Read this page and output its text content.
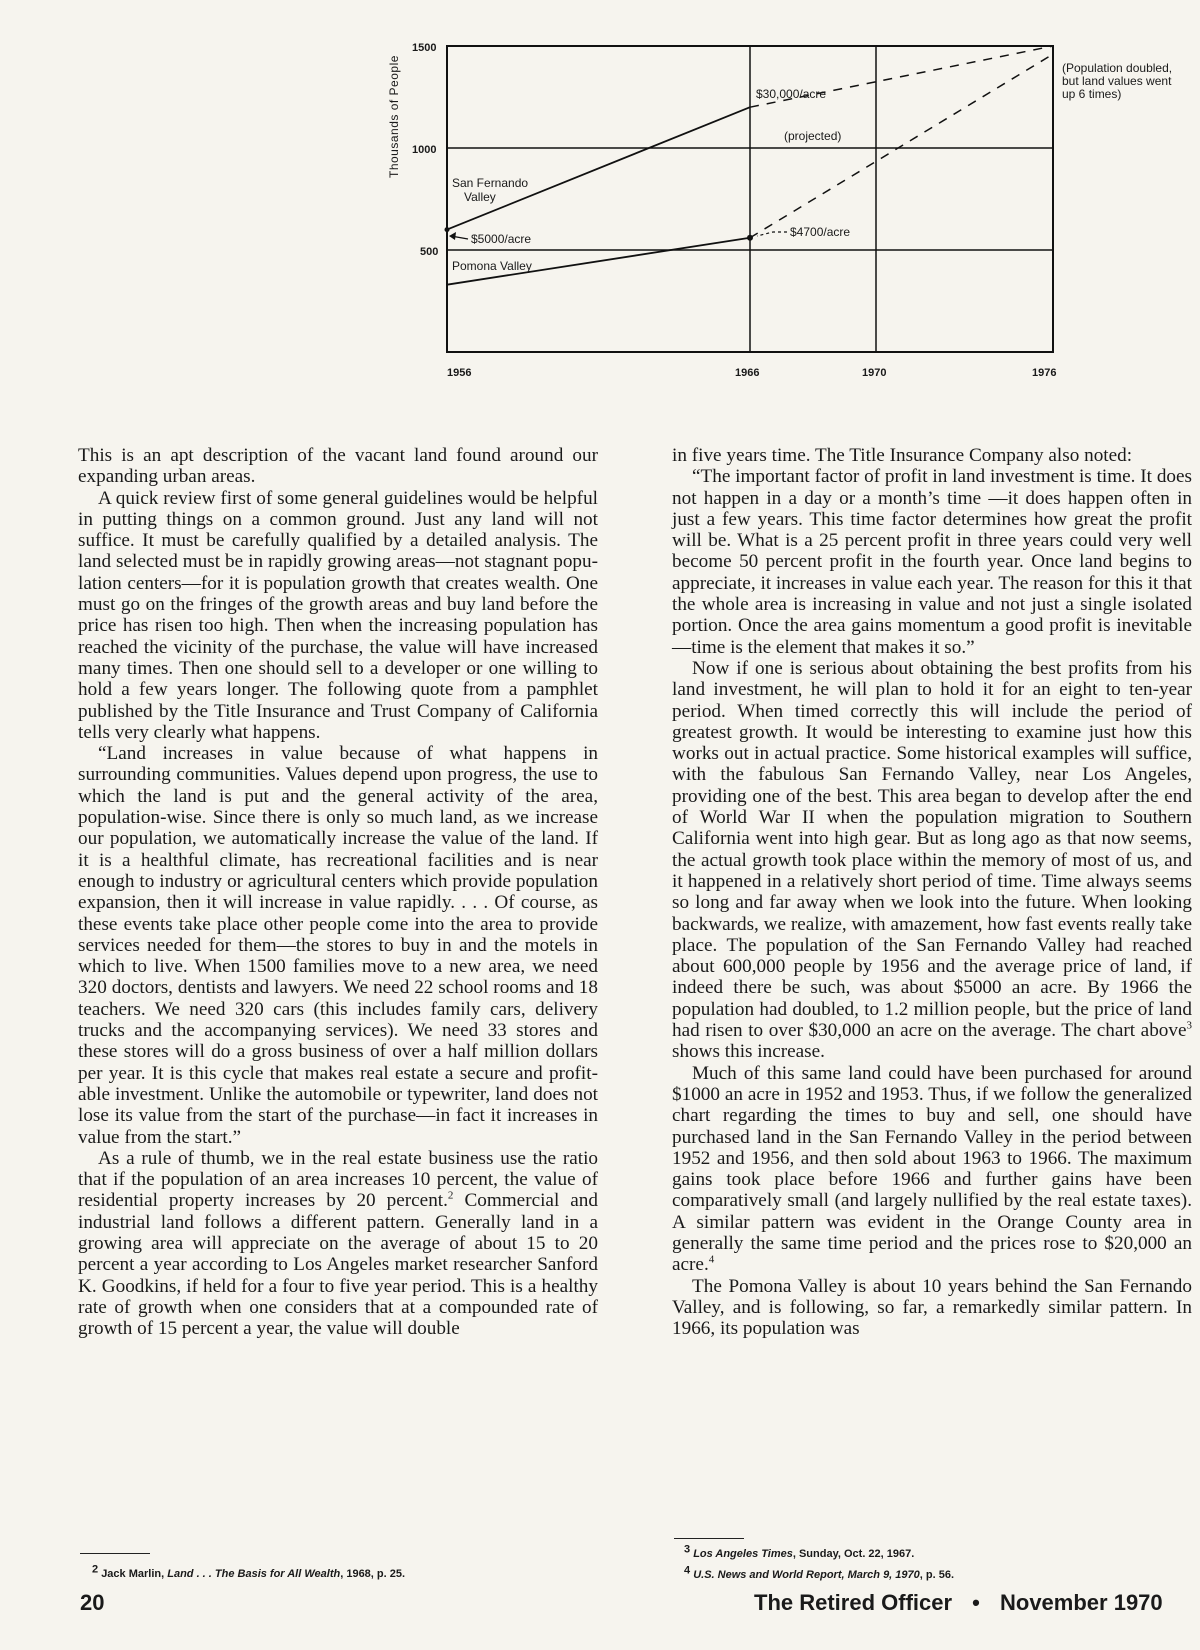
Thousands of People
1500
1000
500
1956	1966	1970	1976
San Fernando
Valley
Pomona Valley
$30,000/acre
(projected)
$5000/acre	$4700/acre
(Population doubled,
but land values went
up 6 times)

This is an apt description of the vacant land found around our expanding urban areas.

A quick review first of some general guidelines would be helpful in putting things on a common ground. Just any land will not suffice. It must be carefully qualified by a detailed analysis. The land selected must be in rapidly growing areas—not stagnant population centers—for it is population growth that creates wealth. One must go on the fringes of the growth areas and buy land before the price has risen too high. Then when the increasing population has reached the vicinity of the purchase, the value will have increased many times. Then one should sell to a developer or one willing to hold a few years longer. The following quote from a pamphlet published by the Title Insurance and Trust Company of California tells very clearly what happens.

“Land increases in value because of what happens in surrounding communities. Values depend upon progress, the use to which the land is put and the general activity of the area, population-wise. Since there is only so much land, as we increase our population, we automatically increase the value of the land. If it is a healthful climate, has recreational facilities and is near enough to industry or agricultural centers which provide population expansion, then it will increase in value rapidly. . . . Of course, as these events take place other people come into the area to provide services needed for them—the stores to buy in and the motels in which to live. When 1500 families move to a new area, we need 320 doctors, dentists and lawyers. We need 22 school rooms and 18 teachers. We need 320 cars (this includes family cars, delivery trucks and the accompanying services). We need 33 stores and these stores will do a gross business of over a half million dollars per year. It is this cycle that makes real estate a secure and profitable investment. Unlike the automobile or typewriter, land does not lose its value from the start of the purchase—in fact it increases in value from the start.”

As a rule of thumb, we in the real estate business use the ratio that if the population of an area increases 10 percent, the value of residential property increases by 20 percent.$^2$ Commercial and industrial land follows a different pattern. Generally land in a growing area will appreciate on the average of about 15 to 20 percent a year according to Los Angeles market researcher Sanford K. Goodkins, if held for a four to five year period. This is a healthy rate of growth when one considers that at a compounded rate of growth of 15 percent a year, the value will double

in five years time. The Title Insurance Company also noted:

“The important factor of profit in land investment is time. It does not happen in a day or a month’s time —it does happen often in just a few years. This time factor determines how great the profit will be. What is a 25 percent profit in three years could very well become 50 percent profit in the fourth year. Once land begins to appreciate, it increases in value each year. The reason for this it that the whole area is increasing in value and not just a single isolated portion. Once the area gains momentum a good profit is inevitable —time is the element that makes it so.”

Now if one is serious about obtaining the best profits from his land investment, he will plan to hold it for an eight to ten-year period. When timed correctly this will include the period of greatest growth. It would be interesting to examine just how this works out in actual practice. Some historical examples will suffice, with the fabulous San Fernando Valley, near Los Angeles, providing one of the best. This area began to develop after the end of World War II when the population migration to Southern California went into high gear. But as long ago as that now seems, the actual growth took place within the memory of most of us, and it happened in a relatively short period of time. Time always seems so long and far away when we look into the future. When looking backwards, we realize, with amazement, how fast events really take place. The population of the San Fernando Valley had reached about 600,000 people by 1956 and the average price of land, if indeed there be such, was about $5000 an acre. By 1966 the population had doubled, to 1.2 million people, but the price of land had risen to over $30,000 an acre on the average. The chart above$^3$ shows this increase.

Much of this same land could have been purchased for around $1000 an acre in 1952 and 1953. Thus, if we follow the generalized chart regarding the times to buy and sell, one should have purchased land in the San Fernando Valley in the period between 1952 and 1956, and then sold about 1963 to 1966. The maximum gains took place before 1966 and further gains have been comparatively small (and largely nullified by the real estate taxes). A similar pattern was evident in the Orange County area in generally the same time period and the prices rose to $20,000 an acre.$^4$

The Pomona Valley is about 10 years behind the San Fernando Valley, and is following, so far, a remarkedly similar pattern. In 1966, its population was

$^2$ Jack Marlin, Land . . . The Basis for All Wealth, 1968, p. 25.
$^3$ Los Angeles Times, Sunday, Oct. 22, 1967.
$^4$ U.S. News and World Report, March 9, 1970, p. 56.
20	The Retired Officer • November 1970
